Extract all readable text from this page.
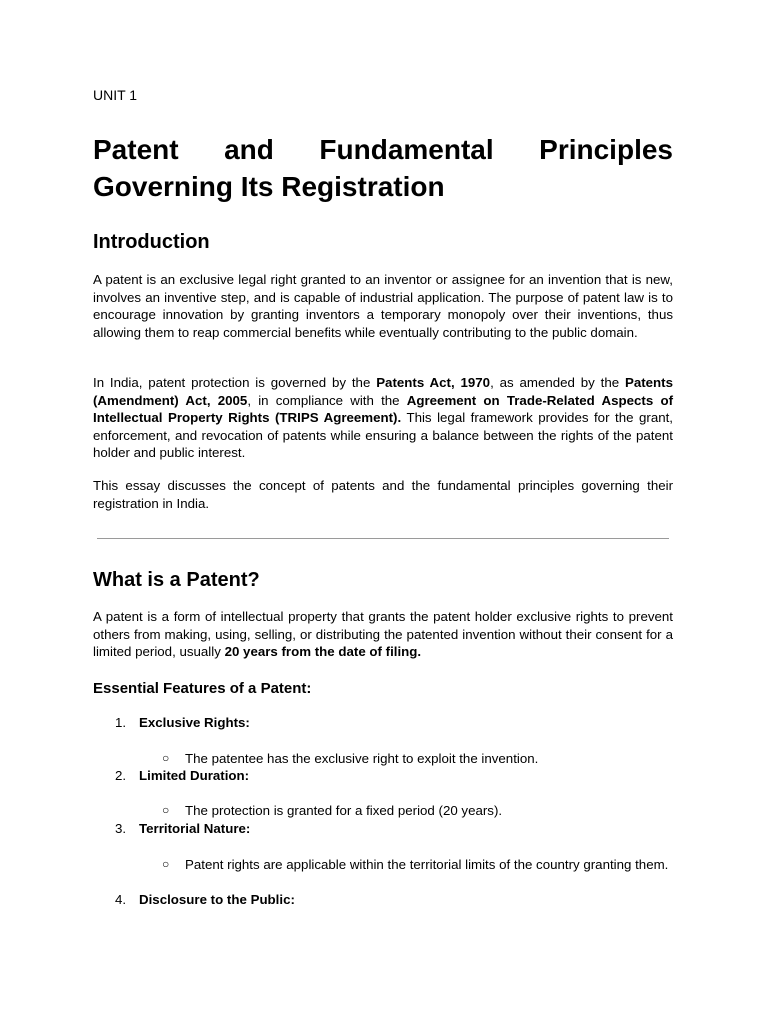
UNIT 1
Patent and Fundamental Principles Governing Its Registration
Introduction

A patent is an exclusive legal right granted to an inventor or assignee for an invention that is new, involves an inventive step, and is capable of industrial application. The purpose of patent law is to encourage innovation by granting inventors a temporary monopoly over their inventions, thus allowing them to reap commercial benefits while eventually contributing to the public domain.

In India, patent protection is governed by the Patents Act, 1970, as amended by the Patents (Amendment) Act, 2005, in compliance with the Agreement on Trade-Related Aspects of Intellectual Property Rights (TRIPS Agreement). This legal framework provides for the grant, enforcement, and revocation of patents while ensuring a balance between the rights of the patent holder and public interest.

This essay discusses the concept of patents and the fundamental principles governing their registration in India.

What is a Patent?

A patent is a form of intellectual property that grants the patent holder exclusive rights to prevent others from making, using, selling, or distributing the patented invention without their consent for a limited period, usually 20 years from the date of filing.

Essential Features of a Patent:
1. Exclusive Rights:
○	The patentee has the exclusive right to exploit the invention.
2. Limited Duration:
○	The protection is granted for a fixed period (20 years).
3. Territorial Nature:
○	Patent rights are applicable within the territorial limits of the country granting them.
4. Disclosure to the Public:
